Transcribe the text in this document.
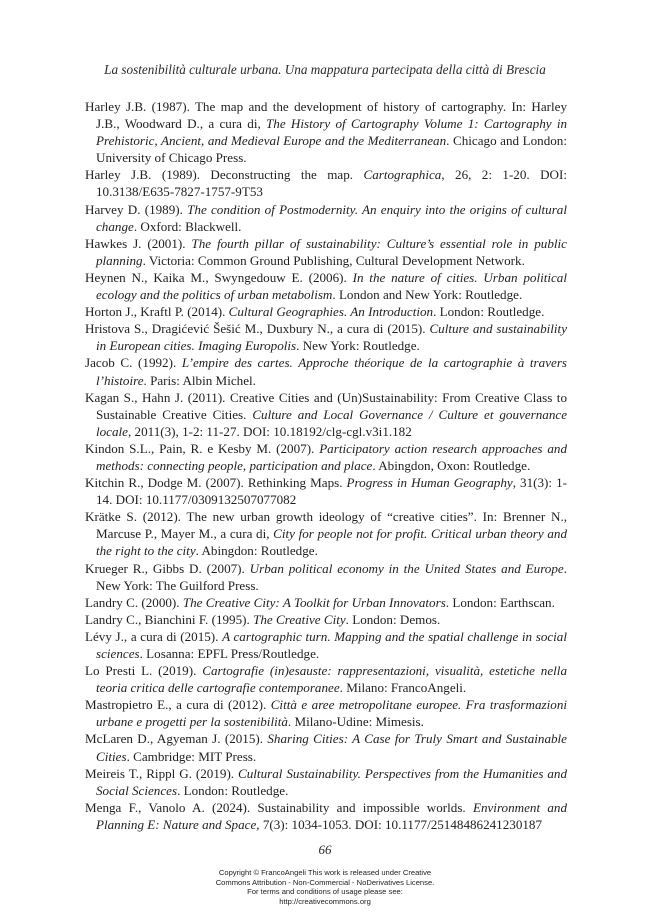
La sostenibilità culturale urbana. Una mappatura partecipata della città di Brescia

Harley J.B. (1987). The map and the development of history of cartography. In: Harley J.B., Woodward D., a cura di, The History of Cartography Volume 1: Cartography in Prehistoric, Ancient, and Medieval Europe and the Mediterranean. Chicago and London: University of Chicago Press.

Harley J.B. (1989). Deconstructing the map. Cartographica, 26, 2: 1-20. DOI: 10.3138/E635-7827-1757-9T53

Harvey D. (1989). The condition of Postmodernity. An enquiry into the origins of cultural change. Oxford: Blackwell.

Hawkes J. (2001). The fourth pillar of sustainability: Culture’s essential role in public planning. Victoria: Common Ground Publishing, Cultural Development Network.

Heynen N., Kaika M., Swyngedouw E. (2006). In the nature of cities. Urban political ecology and the politics of urban metabolism. London and New York: Routledge.

Horton J., Kraftl P. (2014). Cultural Geographies. An Introduction. London: Routledge.

Hristova S., Dragićević Šešić M., Duxbury N., a cura di (2015). Culture and sustainability in European cities. Imaging Europolis. New York: Routledge.

Jacob C. (1992). L’empire des cartes. Approche théorique de la cartographie à travers l’histoire. Paris: Albin Michel.

Kagan S., Hahn J. (2011). Creative Cities and (Un)Sustainability: From Creative Class to Sustainable Creative Cities. Culture and Local Governance / Culture et gouvernance locale, 2011(3), 1-2: 11-27. DOI: 10.18192/clg-cgl.v3i1.182

Kindon S.L., Pain, R. e Kesby M. (2007). Participatory action research approaches and methods: connecting people, participation and place. Abingdon, Oxon: Routledge.

Kitchin R., Dodge M. (2007). Rethinking Maps. Progress in Human Geography, 31(3): 1-14. DOI: 10.1177/0309132507077082

Krätke S. (2012). The new urban growth ideology of “creative cities”. In: Brenner N., Marcuse P., Mayer M., a cura di, City for people not for profit. Critical urban theory and the right to the city. Abingdon: Routledge.

Krueger R., Gibbs D. (2007). Urban political economy in the United States and Europe. New York: The Guilford Press.

Landry C. (2000). The Creative City: A Toolkit for Urban Innovators. London: Earthscan.

Landry C., Bianchini F. (1995). The Creative City. London: Demos.

Lévy J., a cura di (2015). A cartographic turn. Mapping and the spatial challenge in social sciences. Losanna: EPFL Press/Routledge.

Lo Presti L. (2019). Cartografie (in)esauste: rappresentazioni, visualità, estetiche nella teoria critica delle cartografie contemporanee. Milano: FrancoAngeli.

Mastropietro E., a cura di (2012). Città e aree metropolitane europee. Fra trasformazioni urbane e progetti per la sostenibilità. Milano-Udine: Mimesis.

McLaren D., Agyeman J. (2015). Sharing Cities: A Case for Truly Smart and Sustainable Cities. Cambridge: MIT Press.

Meireis T., Rippl G. (2019). Cultural Sustainability. Perspectives from the Humanities and Social Sciences. London: Routledge.

Menga F., Vanolo A. (2024). Sustainability and impossible worlds. Environment and Planning E: Nature and Space, 7(3): 1034-1053. DOI: 10.1177/25148486241230187

66
Copyright © FrancoAngeli This work is released under Creative
Commons Attribution - Non-Commercial - NoDerivatives License.
For terms and conditions of usage please see:
http://creativecommons.org
